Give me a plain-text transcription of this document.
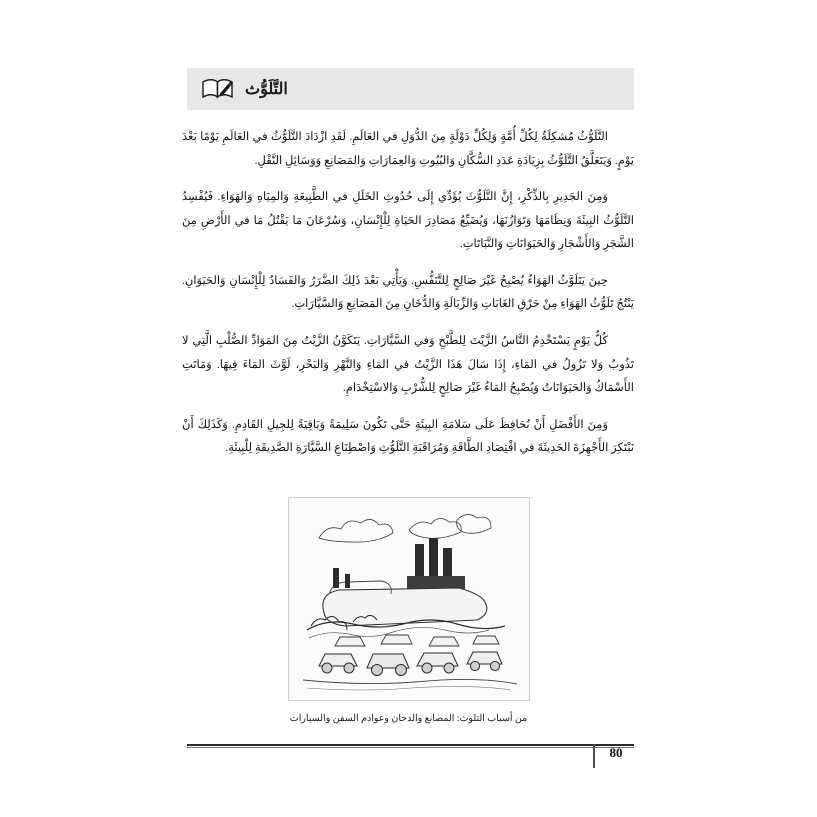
التَّلَوُّث

التَّلَوُّثُ مُشكِلَةٌ لِكُلِّ أُمَّةٍ وَلِكُلِّ دَوْلَةٍ مِنَ الدُّوَلِ في العَالَمِ. لَقَدِ ازْدَادَ التَّلَوُّثُ في العَالَمِ يَوْمًا بَعْدَ يَوْمٍ. وَيَتَعَلَّقُ التَّلَوُّثُ بِزِيَادَةِ عَدَدِ السُّكَّانِ وَالبُيُوتِ وَالعِمَارَاتِ وَالمَصَانِعِ وَوَسَائِلِ النَّقْلِ.

وَمِنَ الجَدِيرِ بِالذِّكْرِ، إِنَّ التَّلَوُّثَ يُؤَدِّي إِلَى حُدُوثِ الخَلَلِ في الطَّبِيعَةِ وَالمِيَاهِ وَالهَوَاءِ. فَيُفْسِدُ التَّلَوُّثُ البِيئَةَ وَنِظَامَهَا وَتَوَازُنَهَا، وَيُضَيِّعُ مَصَادِرَ الحَيَاةِ لِلْإِنْسَانِ، وَسُرْعَانَ مَا يَقْتُلُ مَا في الأَرْضِ مِنَ الشَّجَرِ وَالأَشْجَارِ وَالحَيَوَانَاتِ وَالنَّبَاتَاتِ.

حِينَ يَتَلَوَّثُ الهَوَاءُ يُصْبِحُ غَيْرَ صَالِحٍ لِلتَّنَفُّسِ. وَيَأْتِي بَعْدَ ذَلِكَ الضَّرَرُ وَالفَسَادُ لِلْإِنْسَانِ وَالحَيَوَانِ. يَنْتُجُ تَلَوُّثُ الهَوَاءِ مِنْ حَرْقِ الغَابَاتِ وَالزِّبَالَةِ وَالدُّخَانِ مِنَ المَصَانِعِ وَالسَّيَّارَاتِ.

كُلُّ يَوْمٍ يَسْتَخْدِمُ النَّاسُ الزَّيْتَ لِلطَّبْخِ وَفي السَّيَّارَاتِ. يَتَكَوَّنُ الزَّيْتُ مِنَ المَوَادِّ الصُّلْبِ الَّتِي لا تَذُوبُ وَلا تَزُولُ في المَاءِ، إِذَا سَالَ هَذَا الزَّيْتُ في المَاءِ وَالنَّهْرِ وَالبَحْرِ، لَوَّثَ المَاءَ فِيهَا. وَمَاتَتِ الأَسْمَاكُ وَالحَيَوَانَاتُ وَيُصْبِحُ المَاءُ غَيْرَ صَالِحٍ لِلشُّرْبِ وَالاسْتِخْدَامِ.

وَمِنَ الأَفْضَلِ أَنْ نُحَافِظَ عَلَى سَلامَةِ البِيئَةِ حَتَّى تَكُونَ سَلِيمَةً وَبَاقِيَةً لِلجِيلِ القَادِمِ. وَكَذَلِكَ أَنْ نَبْتَكِرَ الأَجْهِزَةَ الحَدِيثَةَ في اقْتِصَادِ الطَّاقَةِ وَمُرَاقَبَةِ التَّلَوُّثِ وَاصْطِنَاعِ السَّيَّارَةِ الصَّدِيقَةِ لِلْبِيئَةِ.

من أسباب التلوث: المصانع والدخان وعوادم السفن والسيارات
80
